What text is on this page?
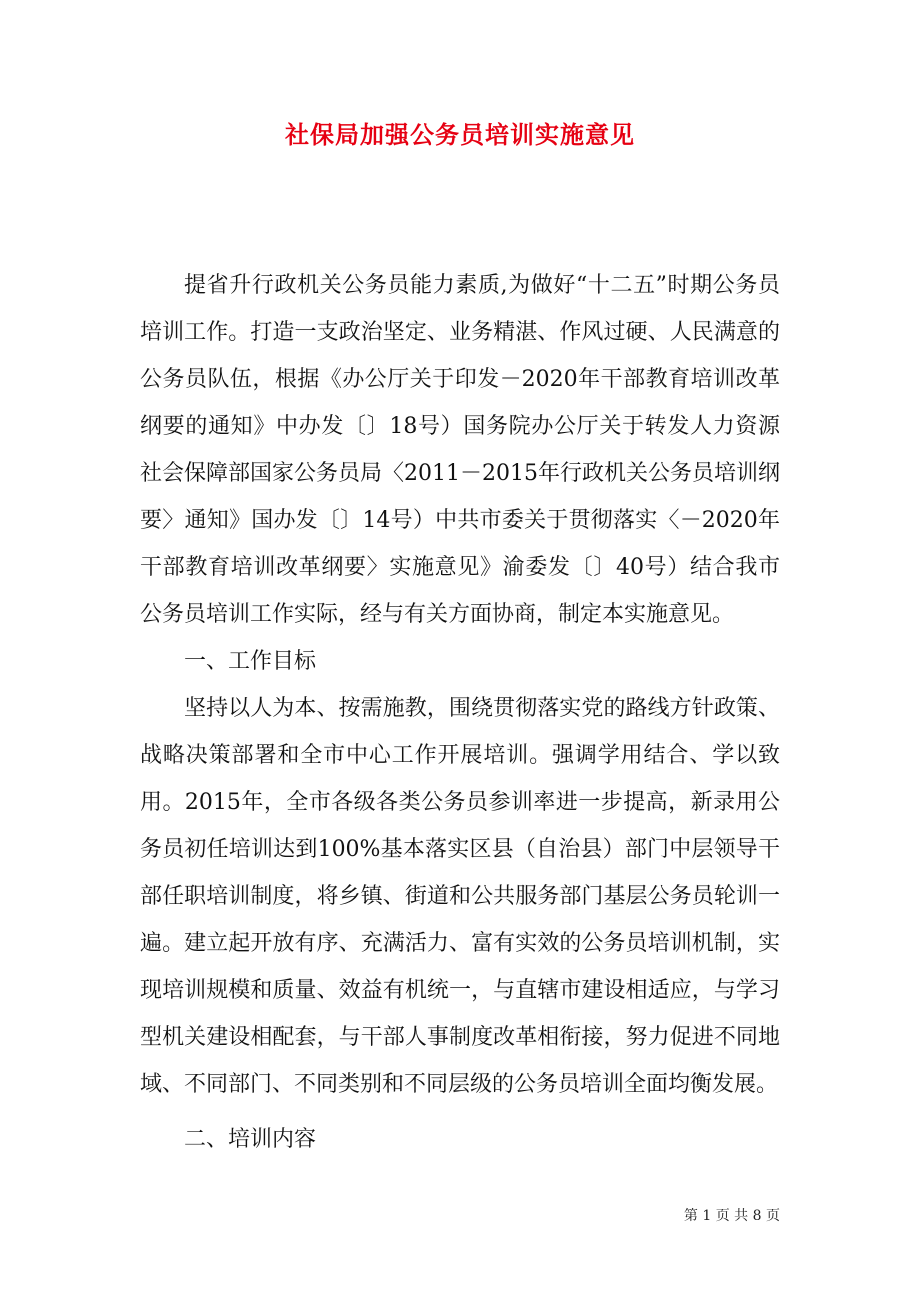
社保局加强公务员培训实施意见

提省升行政机关公务员能力素质,为做好“十二五”时期公务员培训工作。打造一支政治坚定、业务精湛、作风过硬、人民满意的公务员队伍，根据《办公厅关于印发－2020年干部教育培训改革纲要的通知》中办发〔〕18号）国务院办公厅关于转发人力资源社会保障部国家公务员局〈2011－2015年行政机关公务员培训纲要〉通知》国办发〔〕14号）中共市委关于贯彻落实〈－2020年干部教育培训改革纲要〉实施意见》渝委发〔〕40号）结合我市公务员培训工作实际，经与有关方面协商，制定本实施意见。

一、工作目标

坚持以人为本、按需施教，围绕贯彻落实党的路线方针政策、战略决策部署和全市中心工作开展培训。强调学用结合、学以致用。2015年，全市各级各类公务员参训率进一步提高，新录用公务员初任培训达到100%基本落实区县（自治县）部门中层领导干部任职培训制度，将乡镇、街道和公共服务部门基层公务员轮训一遍。建立起开放有序、充满活力、富有实效的公务员培训机制，实现培训规模和质量、效益有机统一，与直辖市建设相适应，与学习型机关建设相配套，与干部人事制度改革相衔接，努力促进不同地域、不同部门、不同类别和不同层级的公务员培训全面均衡发展。

二、培训内容

第 1 页 共 8 页
